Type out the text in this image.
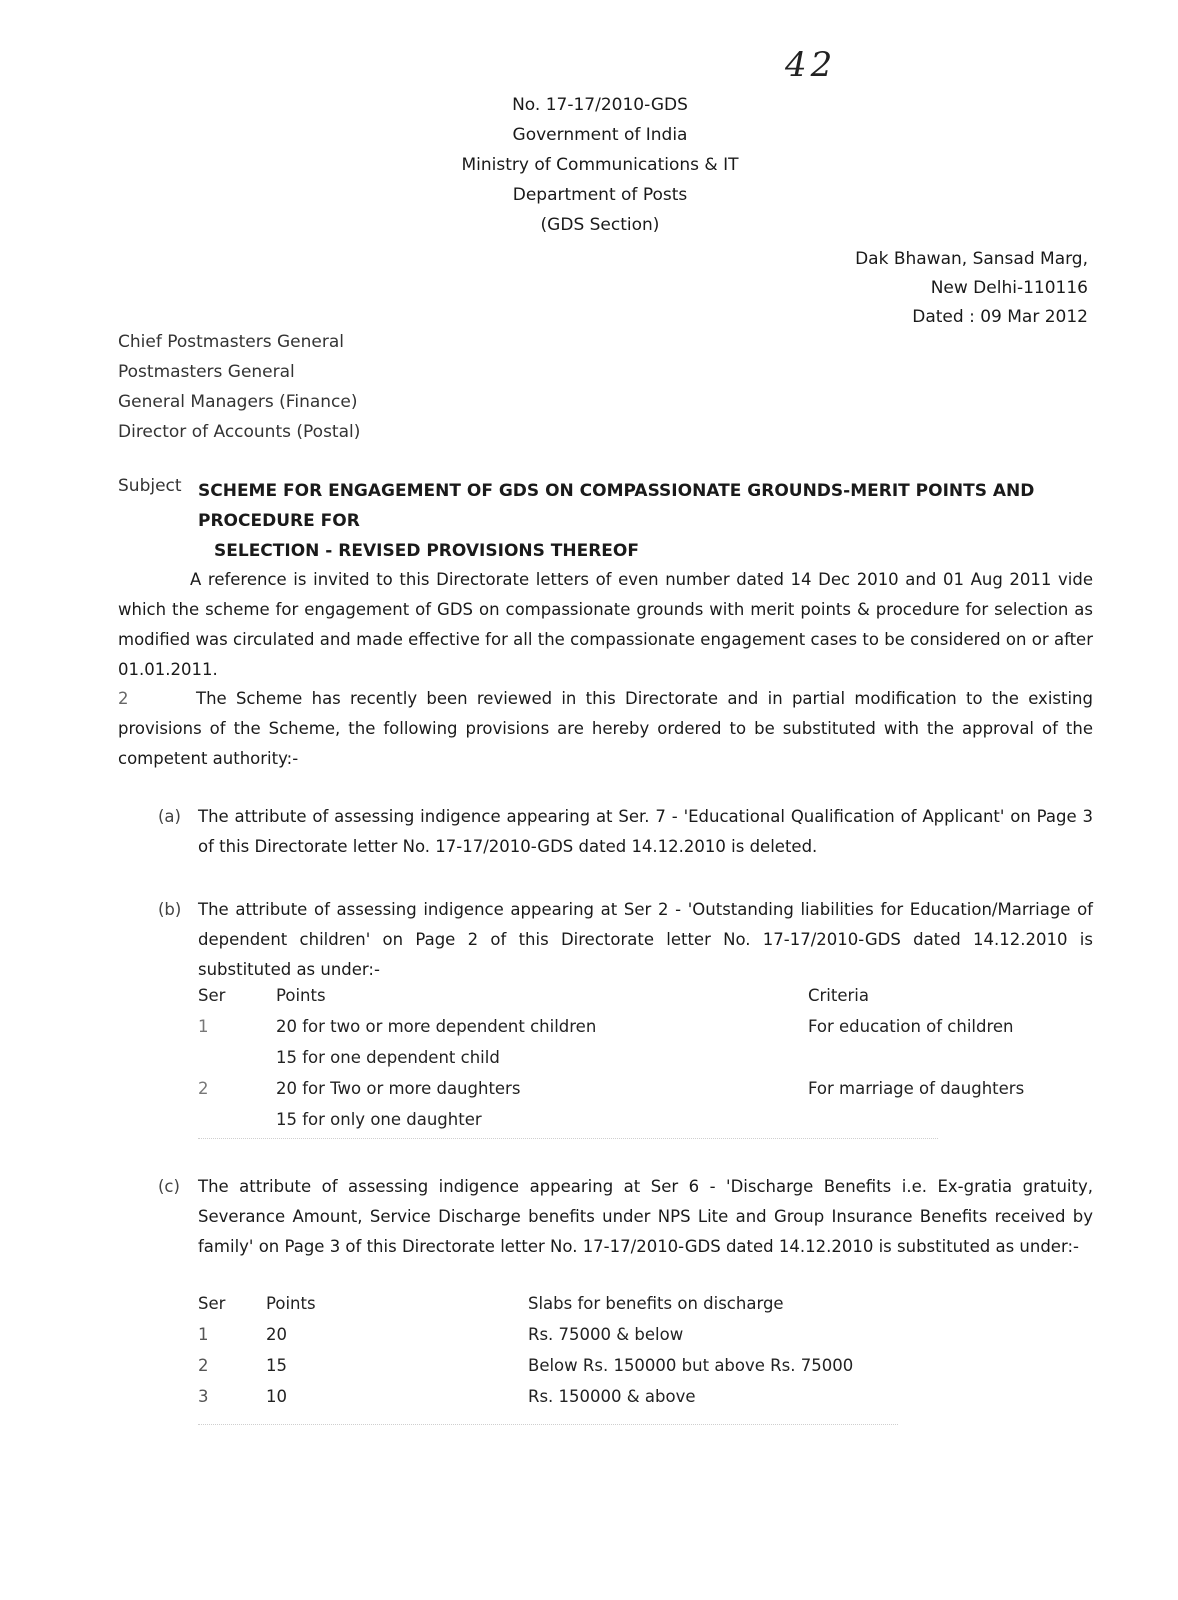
42
No. 17-17/2010-GDS
Government of India
Ministry of Communications & IT
Department of Posts
(GDS Section)
Dak Bhawan, Sansad Marg,
New Delhi-110116
Dated : 09 Mar 2012
Chief Postmasters General
Postmasters General
General Managers (Finance)
Director of Accounts (Postal)
Subject SCHEME FOR ENGAGEMENT OF GDS ON COMPASSIONATE GROUNDS-MERIT POINTS AND PROCEDURE FOR
SELECTION - REVISED PROVISIONS THEREOF
A reference is invited to this Directorate letters of even number dated 14 Dec 2010 and 01 Aug 2011 vide which the scheme for engagement of GDS on compassionate grounds with merit points & procedure for selection as modified was circulated and made effective for all the compassionate engagement cases to be considered on or after 01.01.2011.
2	The Scheme has recently been reviewed in this Directorate and in partial modification to the existing provisions of the Scheme, the following provisions are hereby ordered to be substituted with the approval of the competent authority:-
(a)	The attribute of assessing indigence appearing at Ser. 7 - 'Educational Qualification of Applicant' on Page 3 of this Directorate letter No. 17-17/2010-GDS dated 14.12.2010 is deleted.
(b)	The attribute of assessing indigence appearing at Ser 2 - 'Outstanding liabilities for Education/Marriage of dependent children' on Page 2 of this Directorate letter No. 17-17/2010-GDS dated 14.12.2010 is substituted as under:-
Ser	Points	Criteria
1	20 for two or more dependent children	For education of children
15 for one dependent child
2	20 for Two or more daughters	For marriage of daughters
15 for only one daughter
(c)	The attribute of assessing indigence appearing at Ser 6 - 'Discharge Benefits i.e. Ex-gratia gratuity, Severance Amount, Service Discharge benefits under NPS Lite and Group Insurance Benefits received by family' on Page 3 of this Directorate letter No. 17-17/2010-GDS dated 14.12.2010 is substituted as under:-
Ser Points	Slabs for benefits on discharge
1	20	Rs. 75000 & below
2	15	Below Rs. 150000 but above Rs. 75000
3	10	Rs. 150000 & above
